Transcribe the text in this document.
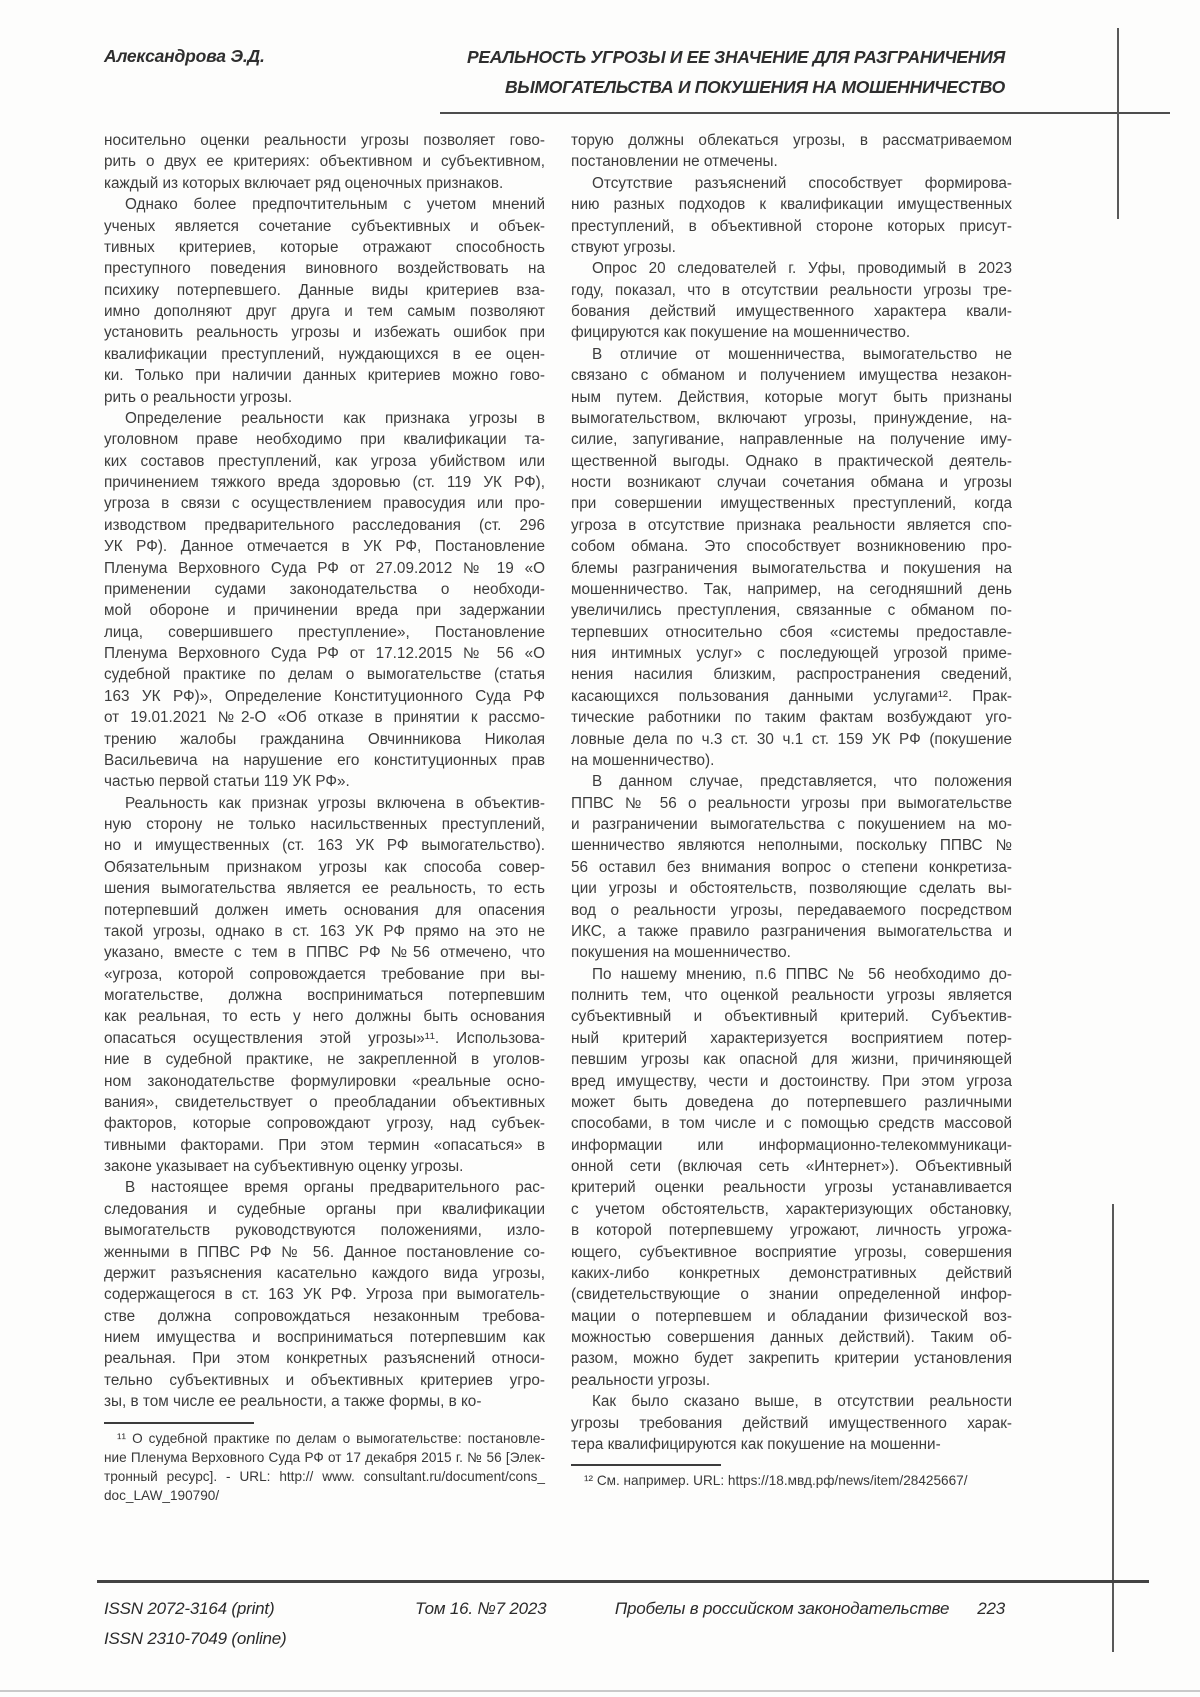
Александрова Э.Д.	РЕАЛЬНОСТЬ УГРОЗЫ И ЕЕ ЗНАЧЕНИЕ ДЛЯ РАЗГРАНИЧЕНИЯ
ВЫМОГАТЕЛЬСТВА И ПОКУШЕНИЯ НА МОШЕННИЧЕСТВО
носительно оценки реальности угрозы позволяет гово-
рить о двух ее критериях: объективном и субъективном,
каждый из которых включает ряд оценочных признаков.
Однако более предпочтительным с учетом мнений
ученых является сочетание субъективных и объек-
тивных критериев, которые отражают способность
преступного поведения виновного воздействовать на
психику потерпевшего. Данные виды критериев вза-
имно дополняют друг друга и тем самым позволяют
установить реальность угрозы и избежать ошибок при
квалификации преступлений, нуждающихся в ее оцен-
ки. Только при наличии данных критериев можно гово-
рить о реальности угрозы.
Определение реальности как признака угрозы в
уголовном праве необходимо при квалификации та-
ких составов преступлений, как угроза убийством или
причинением тяжкого вреда здоровью (ст. 119 УК РФ),
угроза в связи с осуществлением правосудия или про-
изводством предварительного расследования (ст. 296
УК РФ). Данное отмечается в УК РФ, Постановление
Пленума Верховного Суда РФ от 27.09.2012 № 19 «О
применении судами законодательства о необходи-
мой обороне и причинении вреда при задержании
лица, совершившего преступление», Постановление
Пленума Верховного Суда РФ от 17.12.2015 № 56 «О
судебной практике по делам о вымогательстве (статья
163 УК РФ)», Определение Конституционного Суда РФ
от 19.01.2021 №2-О «Об отказе в принятии к рассмо-
трению жалобы гражданина Овчинникова Николая
Васильевича на нарушение его конституционных прав
частью первой статьи 119 УК РФ».
Реальность как признак угрозы включена в объектив-
ную сторону не только насильственных преступлений,
но и имущественных (ст. 163 УК РФ вымогательство).
Обязательным признаком угрозы как способа совер-
шения вымогательства является ее реальность, то есть
потерпевший должен иметь основания для опасения
такой угрозы, однако в ст. 163 УК РФ прямо на это не
указано, вместе с тем в ППВС РФ №56 отмечено, что
«угроза, которой сопровождается требование при вы-
могательстве, должна восприниматься потерпевшим
как реальная, то есть у него должны быть основания
опасаться осуществления этой угрозы»¹¹. Использова-
ние в судебной практике, не закрепленной в уголов-
ном законодательстве формулировки «реальные осно-
вания», свидетельствует о преобладании объективных
факторов, которые сопровождают угрозу, над субъек-
тивными факторами. При этом термин «опасаться» в
законе указывает на субъективную оценку угрозы.
В настоящее время органы предварительного рас-
следования и судебные органы при квалификации
вымогательств руководствуются положениями, изло-
женными в ППВС РФ № 56. Данное постановление со-
держит разъяснения касательно каждого вида угрозы,
содержащегося в ст. 163 УК РФ. Угроза при вымогатель-
стве должна сопровождаться незаконным требова-
нием имущества и восприниматься потерпевшим как
реальная. При этом конкретных разъяснений относи-
тельно субъективных и объективных критериев угро-
зы, в том числе ее реальности, а также формы, в ко-
¹¹ О судебной практике по делам о вымогательстве: постановле-
ние Пленума Верховного Суда РФ от 17 декабря 2015 г. № 56 [Элек-
тронный ресурс]. - URL: http:// www. consultant.ru/document/cons_
doc_LAW_190790/
торую должны облекаться угрозы, в рассматриваемом
постановлении не отмечены.
Отсутствие разъяснений способствует формирова-
нию разных подходов к квалификации имущественных
преступлений, в объективной стороне которых присут-
ствуют угрозы.
Опрос 20 следователей г. Уфы, проводимый в 2023
году, показал, что в отсутствии реальности угрозы тре-
бования действий имущественного характера квали-
фицируются как покушение на мошенничество.
В отличие от мошенничества, вымогательство не
связано с обманом и получением имущества незакон-
ным путем. Действия, которые могут быть признаны
вымогательством, включают угрозы, принуждение, на-
силие, запугивание, направленные на получение иму-
щественной выгоды. Однако в практической деятель-
ности возникают случаи сочетания обмана и угрозы
при совершении имущественных преступлений, когда
угроза в отсутствие признака реальности является спо-
собом обмана. Это способствует возникновению про-
блемы разграничения вымогательства и покушения на
мошенничество. Так, например, на сегодняшний день
увеличились преступления, связанные с обманом по-
терпевших относительно сбоя «системы предоставле-
ния интимных услуг» с последующей угрозой приме-
нения насилия близким, распространения сведений,
касающихся пользования данными услугами¹². Прак-
тические работники по таким фактам возбуждают уго-
ловные дела по ч.3 ст. 30 ч.1 ст. 159 УК РФ (покушение
на мошенничество).
В данном случае, представляется, что положения
ППВС № 56 о реальности угрозы при вымогательстве
и разграничении вымогательства с покушением на мо-
шенничество являются неполными, поскольку ППВС №
56 оставил без внимания вопрос о степени конкретиза-
ции угрозы и обстоятельств, позволяющие сделать вы-
вод о реальности угрозы, передаваемого посредством
ИКС, а также правило разграничения вымогательства и
покушения на мошенничество.
По нашему мнению, п.6 ППВС № 56 необходимо до-
полнить тем, что оценкой реальности угрозы является
субъективный и объективный критерий. Субъектив-
ный критерий характеризуется восприятием потер-
певшим угрозы как опасной для жизни, причиняющей
вред имуществу, чести и достоинству. При этом угроза
может быть доведена до потерпевшего различными
способами, в том числе и с помощью средств массовой
информации или информационно-телекоммуникаци-
онной сети (включая сеть «Интернет»). Объективный
критерий оценки реальности угрозы устанавливается
с учетом обстоятельств, характеризующих обстановку,
в которой потерпевшему угрожают, личность угрожа-
ющего, субъективное восприятие угрозы, совершения
каких-либо конкретных демонстративных действий
(свидетельствующие о знании определенной инфор-
мации о потерпевшем и обладании физической воз-
можностью совершения данных действий). Таким об-
разом, можно будет закрепить критерии установления
реальности угрозы.
Как было сказано выше, в отсутствии реальности
угрозы требования действий имущественного харак-
тера квалифицируются как покушение на мошенни-
¹² См. например. URL: https://18.мвд.рф/news/item/28425667/
ISSN 2072-3164 (print)
ISSN 2310-7049 (online)
Том 16. №7 2023	Пробелы в российском законодательстве 223
